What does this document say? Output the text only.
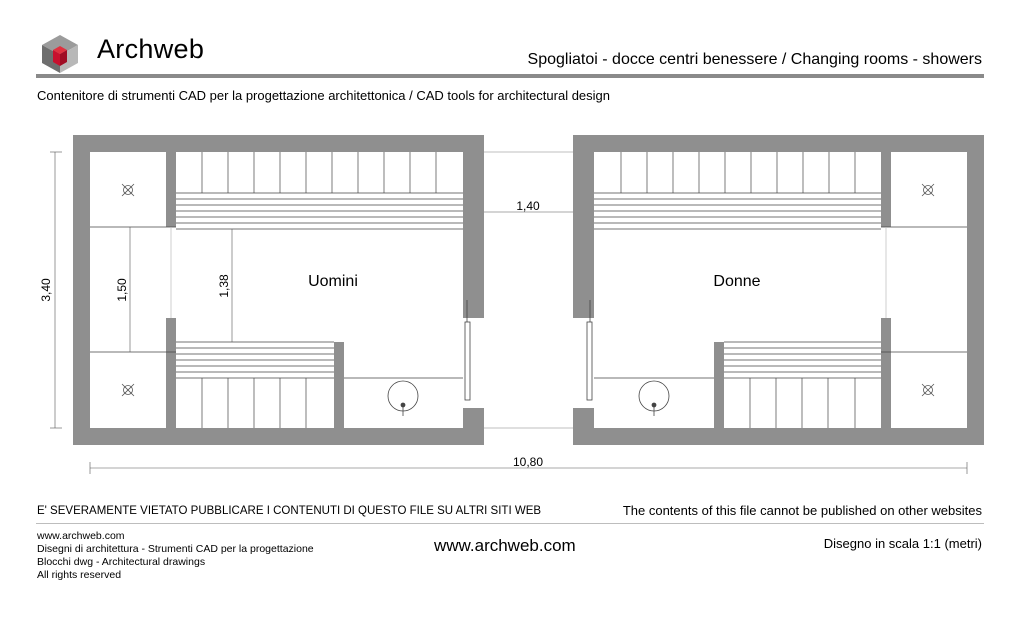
Archweb	Spogliatoi - docce centri benessere / Changing rooms - showers
Contenitore di strumenti CAD per la progettazione architettonica / CAD tools for architectural design
Uomini	Donne
1,40
10,80
3,40	1,50	1,38
E' SEVERAMENTE VIETATO PUBBLICARE I CONTENUTI DI QUESTO FILE SU ALTRI SITI WEB	The contents of this file cannot be published on other websites
www.archweb.com
Disegni di architettura - Strumenti CAD per la progettazione
Blocchi dwg - Architectural drawings
All rights reserved
www.archweb.com	Disegno in scala 1:1 (metri)
